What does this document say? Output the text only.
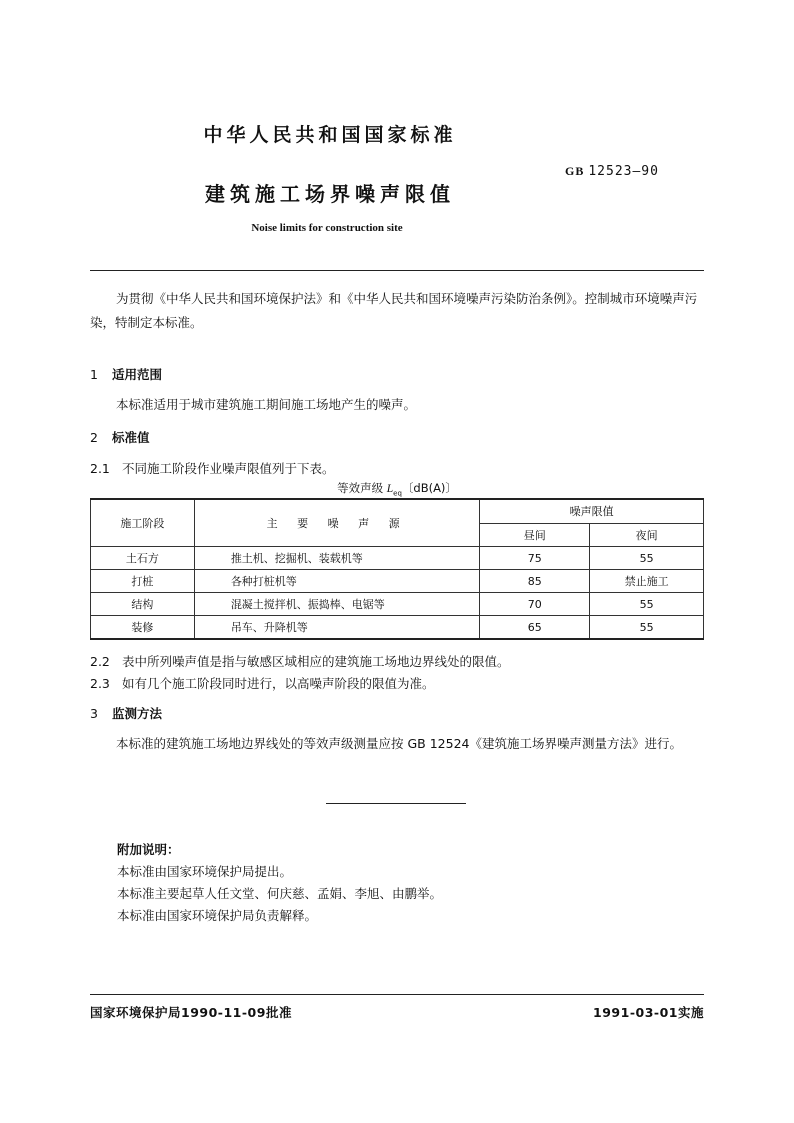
中华人民共和国国家标准
GB 12523—90
建筑施工场界噪声限值
Noise limits for construction site
为贯彻《中华人民共和国环境保护法》和《中华人民共和国环境噪声污染防治条例》。控制城市环境噪声污染，特制定本标准。
1 适用范围
本标准适用于城市建筑施工期间施工场地产生的噪声。
2 标准值
2.1 不同施工阶段作业噪声限值列于下表。
等效声级 $L_{eq}$〔dB(A)〕
施工阶段	主 要 噪 声 源	噪声限值	
		昼间	夜间
土石方	推土机、挖掘机、装载机等	75	55
打桩	各种打桩机等	85	禁止施工
结构	混凝土搅拌机、振捣棒、电锯等	70	55
装修	吊车、升降机等	65	55
2.2 表中所列噪声值是指与敏感区域相应的建筑施工场地边界线处的限值。
2.3 如有几个施工阶段同时进行，以高噪声阶段的限值为准。
3 监测方法
本标准的建筑施工场地边界线处的等效声级测量应按 GB 12524《建筑施工场界噪声测量方法》进行。
附加说明：
本标准由国家环境保护局提出。
本标准主要起草人任文堂、何庆慈、孟娟、李旭、由鹏举。
本标准由国家环境保护局负责解释。
国家环境保护局1990-11-09批准	1991-03-01实施
